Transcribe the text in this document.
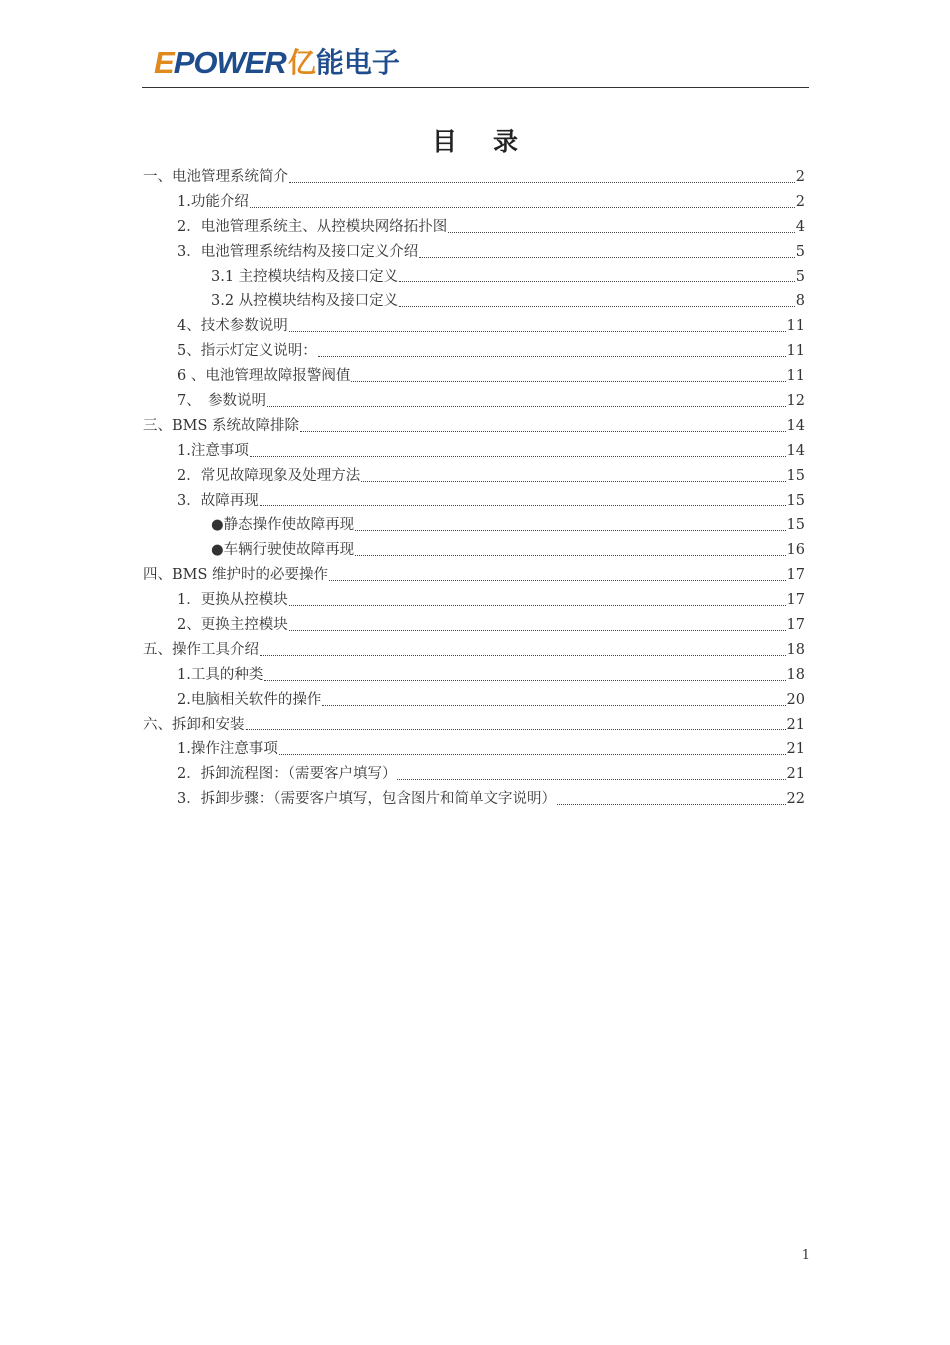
EPOWER 亿能电子
目录
一、电池管理系统简介	2
1.功能介绍	2
2．电池管理系统主、从控模块网络拓扑图	4
3．电池管理系统结构及接口定义介绍	5
3.1 主控模块结构及接口定义	5
3.2 从控模块结构及接口定义	8
4、技术参数说明	11
5、指示灯定义说明：	11
6 、电池管理故障报警阀值	11
7、　参数说明	12
三、BMS 系统故障排除	14
1.注意事项	14
2．常见故障现象及处理方法	15
3．故障再现	15
●静态操作使故障再现	15
●车辆行驶使故障再现	16
四、BMS 维护时的必要操作	17
1．更换从控模块	17
2、更换主控模块	17
五、操作工具介绍	18
1.工具的种类	18
2.电脑相关软件的操作	20
六、拆卸和安装	21
1.操作注意事项	21
2．拆卸流程图：（需要客户填写）	21
3．拆卸步骤：（需要客户填写，包含图片和简单文字说明）	22
1
